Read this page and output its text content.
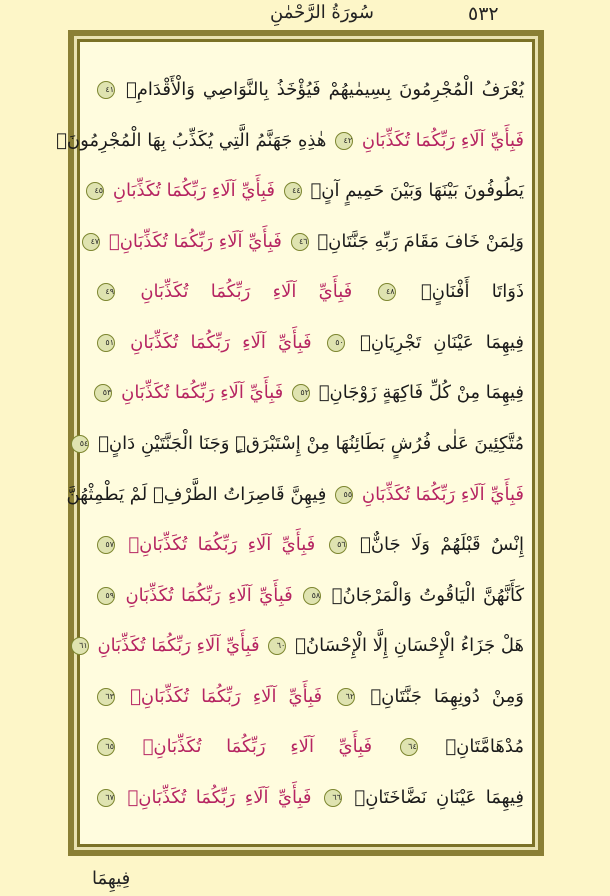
٥٣٢
سُورَةُ الرَّحْمٰنِ
يُعْرَفُ الْمُجْرِمُونَ بِسِيمٰيهُمْ فَيُؤْخَذُ بِالنَّوَاصِي وَالْأَقْدَامِۚ ٤١
فَبِأَيِّ آلَاءِ رَبِّكُمَا تُكَذِّبَانِ ٤٢ هٰذِهِ جَهَنَّمُ الَّتِي يُكَذِّبُ بِهَا الْمُجْرِمُونَۢ
يَطُوفُونَ بَيْنَهَا وَبَيْنَ حَمِيمٍ آنٍۚ ٤٤ فَبِأَيِّ آلَاءِ رَبِّكُمَا تُكَذِّبَانِ ٤٥
وَلِمَنْ خَافَ مَقَامَ رَبِّهِ جَنَّتَانِۚ ٤٦ فَبِأَيِّ آلَاءِ رَبِّكُمَا تُكَذِّبَانِۙ ٤٧
ذَوَاتَا أَفْنَانٍۚ ٤٨ فَبِأَيِّ آلَاءِ رَبِّكُمَا تُكَذِّبَانِ ٤٩
فِيهِمَا عَيْنَانِ تَجْرِيَانِۚ ٥٠ فَبِأَيِّ آلَاءِ رَبِّكُمَا تُكَذِّبَانِ ٥١
فِيهِمَا مِنْ كُلِّ فَاكِهَةٍ زَوْجَانِۚ ٥٢ فَبِأَيِّ آلَاءِ رَبِّكُمَا تُكَذِّبَانِ ٥٣
مُتَّكِئِينَ عَلٰى فُرُشٍ بَطَائِنُهَا مِنْ إِسْتَبْرَقٍۜ وَجَنَا الْجَنَّتَيْنِ دَانٍۚ ٥٤
فَبِأَيِّ آلَاءِ رَبِّكُمَا تُكَذِّبَانِ ٥٥ فِيهِنَّ قَاصِرَاتُ الطَّرْفِۙ لَمْ يَطْمِثْهُنَّ
إِنْسٌ قَبْلَهُمْ وَلَا جَانٌّۚ ٥٦ فَبِأَيِّ آلَاءِ رَبِّكُمَا تُكَذِّبَانِۚ ٥٧
كَأَنَّهُنَّ الْيَاقُوتُ وَالْمَرْجَانُۚ ٥٨ فَبِأَيِّ آلَاءِ رَبِّكُمَا تُكَذِّبَانِ ٥٩
هَلْ جَزَاءُ الْإِحْسَانِ إِلَّا الْإِحْسَانُۚ ٦٠ فَبِأَيِّ آلَاءِ رَبِّكُمَا تُكَذِّبَانِ ٦١
وَمِنْ دُونِهِمَا جَنَّتَانِۚ ٦٢ فَبِأَيِّ آلَاءِ رَبِّكُمَا تُكَذِّبَانِۙ ٦٣
مُدْهَامَّتَانِۚ ٦٤ فَبِأَيِّ آلَاءِ رَبِّكُمَا تُكَذِّبَانِۚ ٦٥
فِيهِمَا عَيْنَانِ نَضَّاخَتَانِۚ ٦٦ فَبِأَيِّ آلَاءِ رَبِّكُمَا تُكَذِّبَانِۚ ٦٧
فِيهِمَا
